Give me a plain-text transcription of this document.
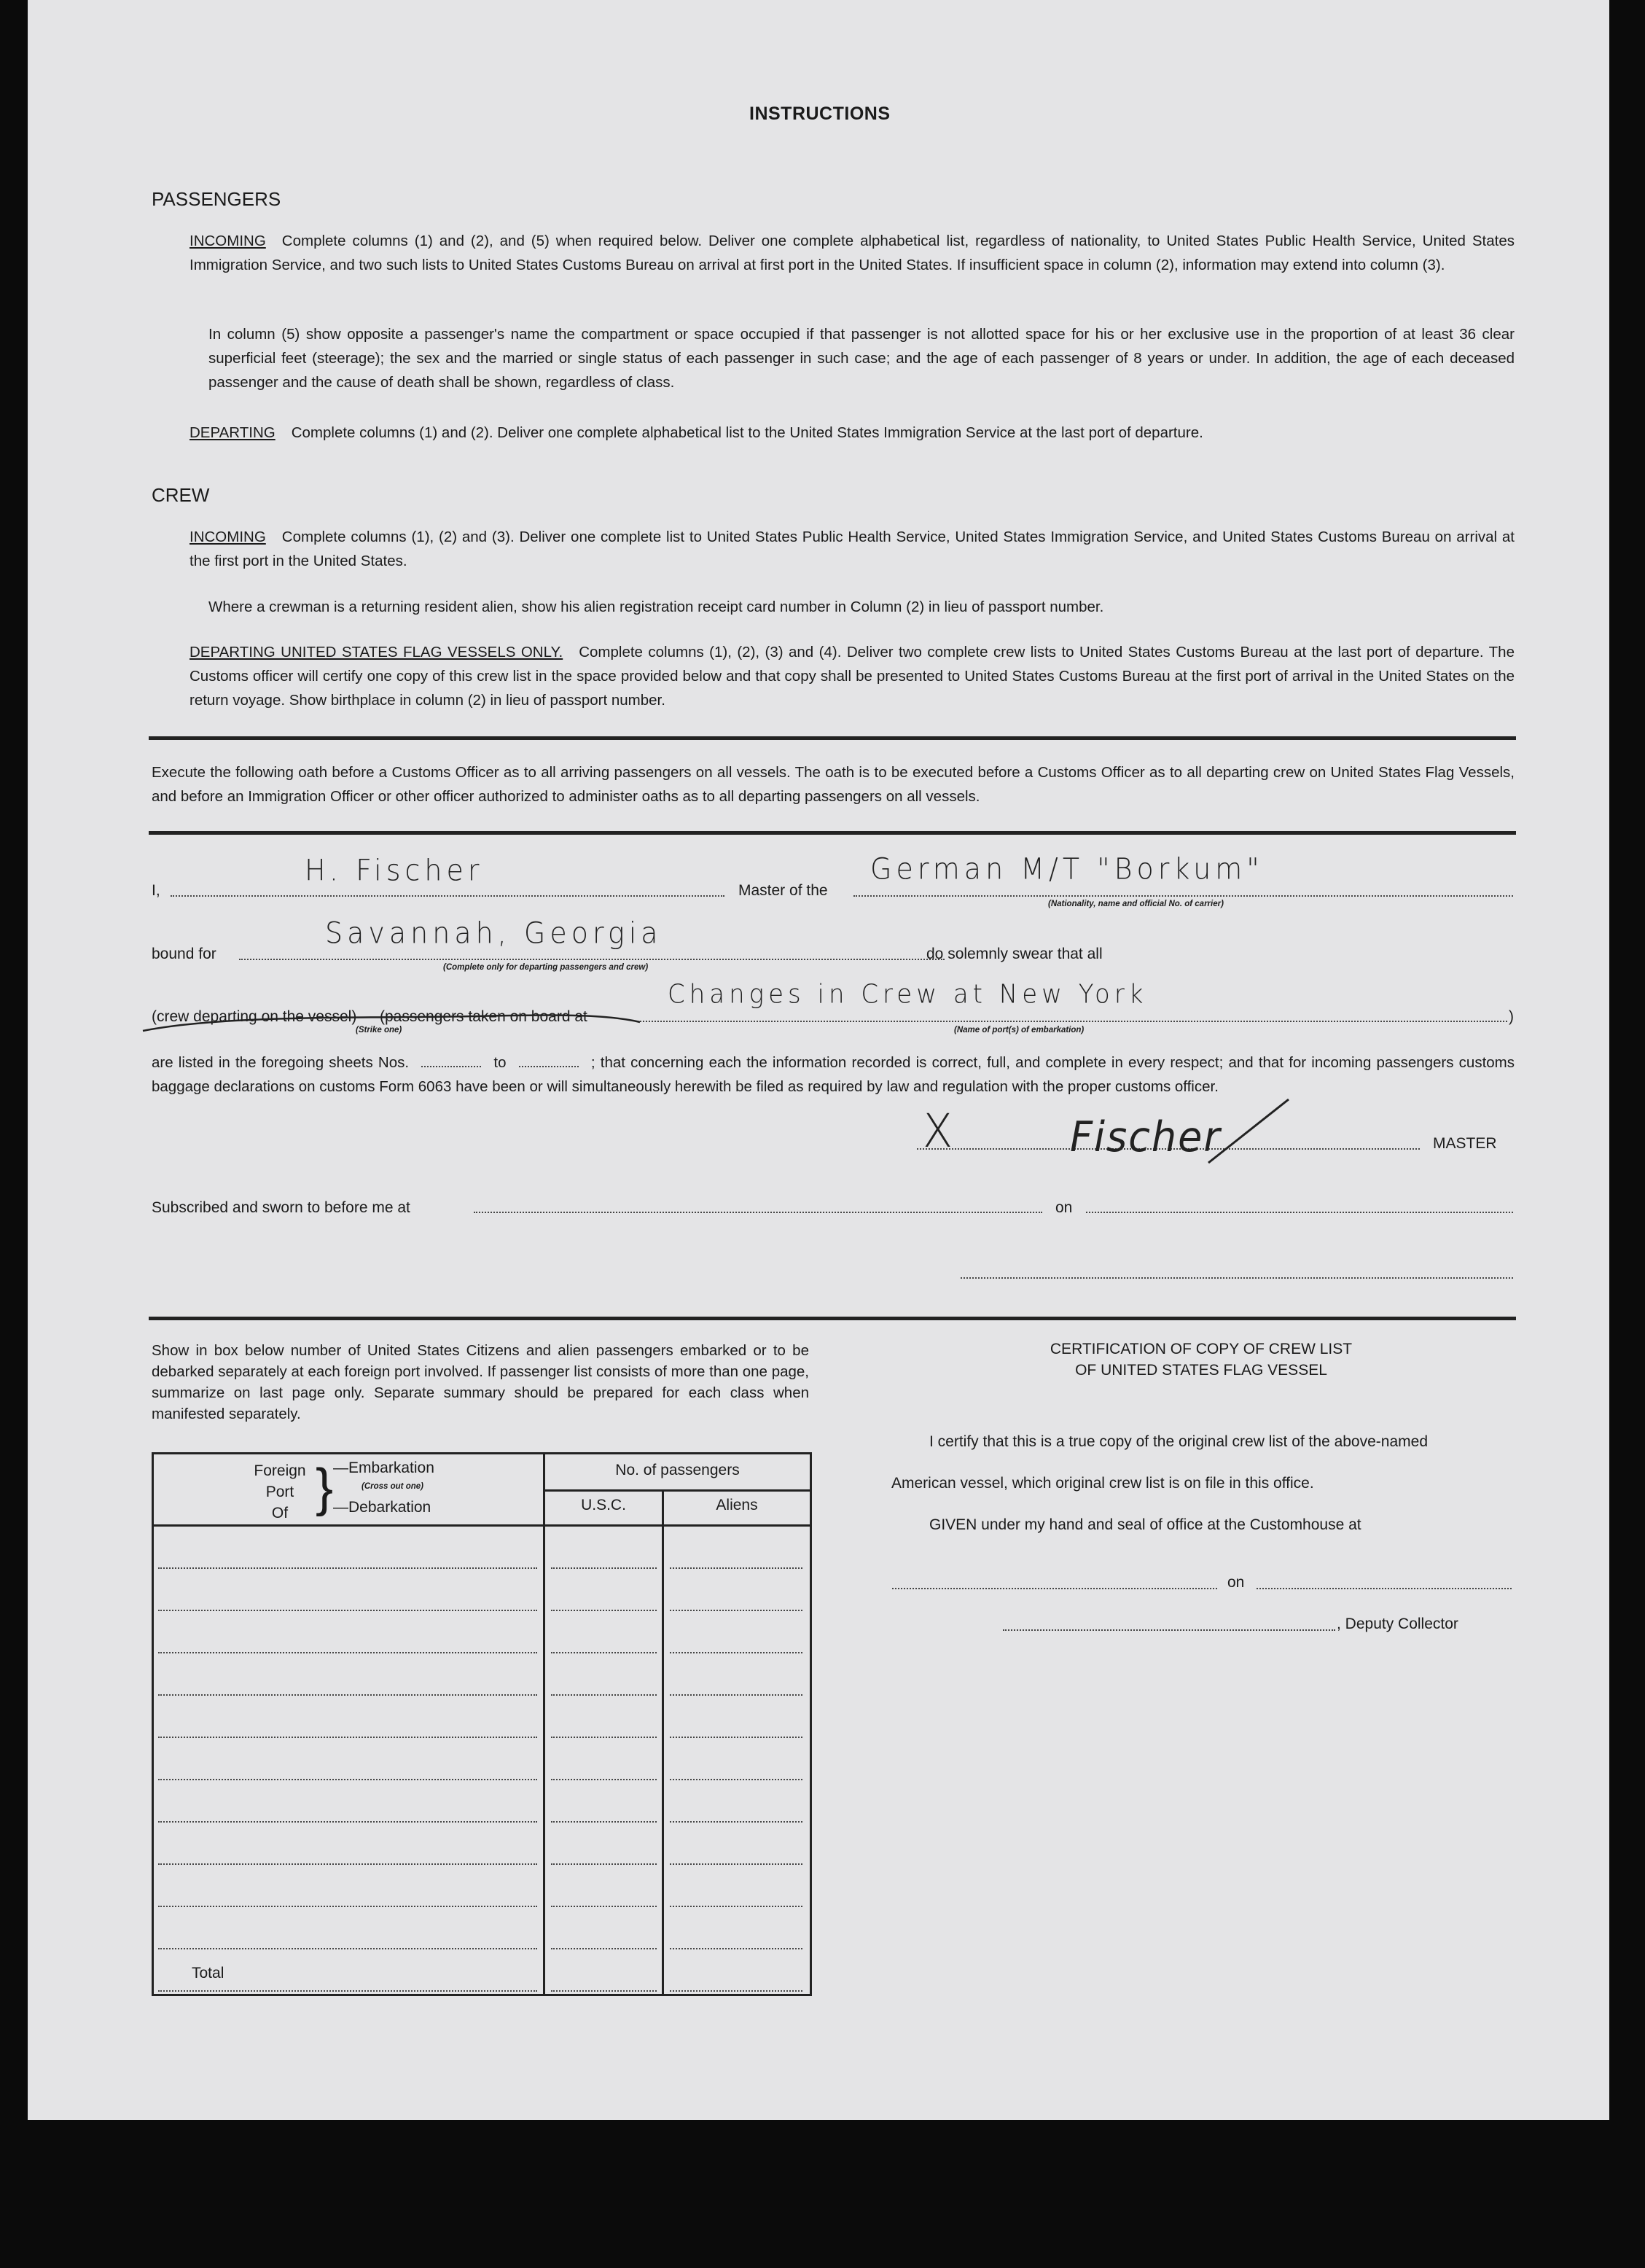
INSTRUCTIONS
PASSENGERS
INCOMING Complete columns (1) and (2), and (5) when required below. Deliver one complete alphabetical list, regardless of nationality, to United States Public Health Service, United States Immigration Service, and two such lists to United States Customs Bureau on arrival at first port in the United States. If insufficient space in column (2), information may extend into column (3).
In column (5) show opposite a passenger's name the compartment or space occupied if that passenger is not allotted space for his or her exclusive use in the proportion of at least 36 clear superficial feet (steerage); the sex and the married or single status of each passenger in such case; and the age of each passenger of 8 years or under. In addition, the age of each deceased passenger and the cause of death shall be shown, regardless of class.
DEPARTING Complete columns (1) and (2). Deliver one complete alphabetical list to the United States Immigration Service at the last port of departure.
CREW
INCOMING Complete columns (1), (2) and (3). Deliver one complete list to United States Public Health Service, United States Immigration Service, and United States Customs Bureau on arrival at the first port in the United States.
Where a crewman is a returning resident alien, show his alien registration receipt card number in Column (2) in lieu of passport number.
DEPARTING UNITED STATES FLAG VESSELS ONLY. Complete columns (1), (2), (3) and (4). Deliver two complete crew lists to United States Customs Bureau at the last port of departure. The Customs officer will certify one copy of this crew list in the space provided below and that copy shall be presented to United States Customs Bureau at the first port of arrival in the United States on the return voyage. Show birthplace in column (2) in lieu of passport number.
Execute the following oath before a Customs Officer as to all arriving passengers on all vessels. The oath is to be executed before a Customs Officer as to all departing crew on United States Flag Vessels, and before an Immigration Officer or other officer authorized to administer oaths as to all departing passengers on all vessels.
I,
H. Fischer
Master of the
German M/T "Borkum"
(Nationality, name and official No. of carrier)
bound for
Savannah, Georgia
(Complete only for departing passengers and crew)
do solemnly swear that all
(crew departing on the vessel)
(Strike one)
(passengers taken on board at
Changes in Crew at New York
(Name of port(s) of embarkation)
)
are listed in the foregoing sheets Nos.	to	; that concerning each the information recorded is correct, full, and complete in every respect; and that for incoming passengers customs baggage declarations on customs Form 6063 have been or will simultaneously herewith be filed as required by law and regulation with the proper customs officer.
X	Fischer	MASTER
Subscribed and sworn to before me at	on
Show in box below number of United States Citizens and alien passengers embarked or to be debarked separately at each foreign port involved. If passenger list consists of more than one page, summarize on last page only. Separate summary should be prepared for each class when manifested separately.
Foreign
Port
Of } —Embarkation
(Cross out one)
—Debarkation
No. of passengers
U.S.C.	Aliens
Total
CERTIFICATION OF COPY OF CREW LIST
OF UNITED STATES FLAG VESSEL
I certify that this is a true copy of the original crew list of the above-named
American vessel, which original crew list is on file in this office.
GIVEN under my hand and seal of office at the Customhouse at
on
, Deputy Collector
